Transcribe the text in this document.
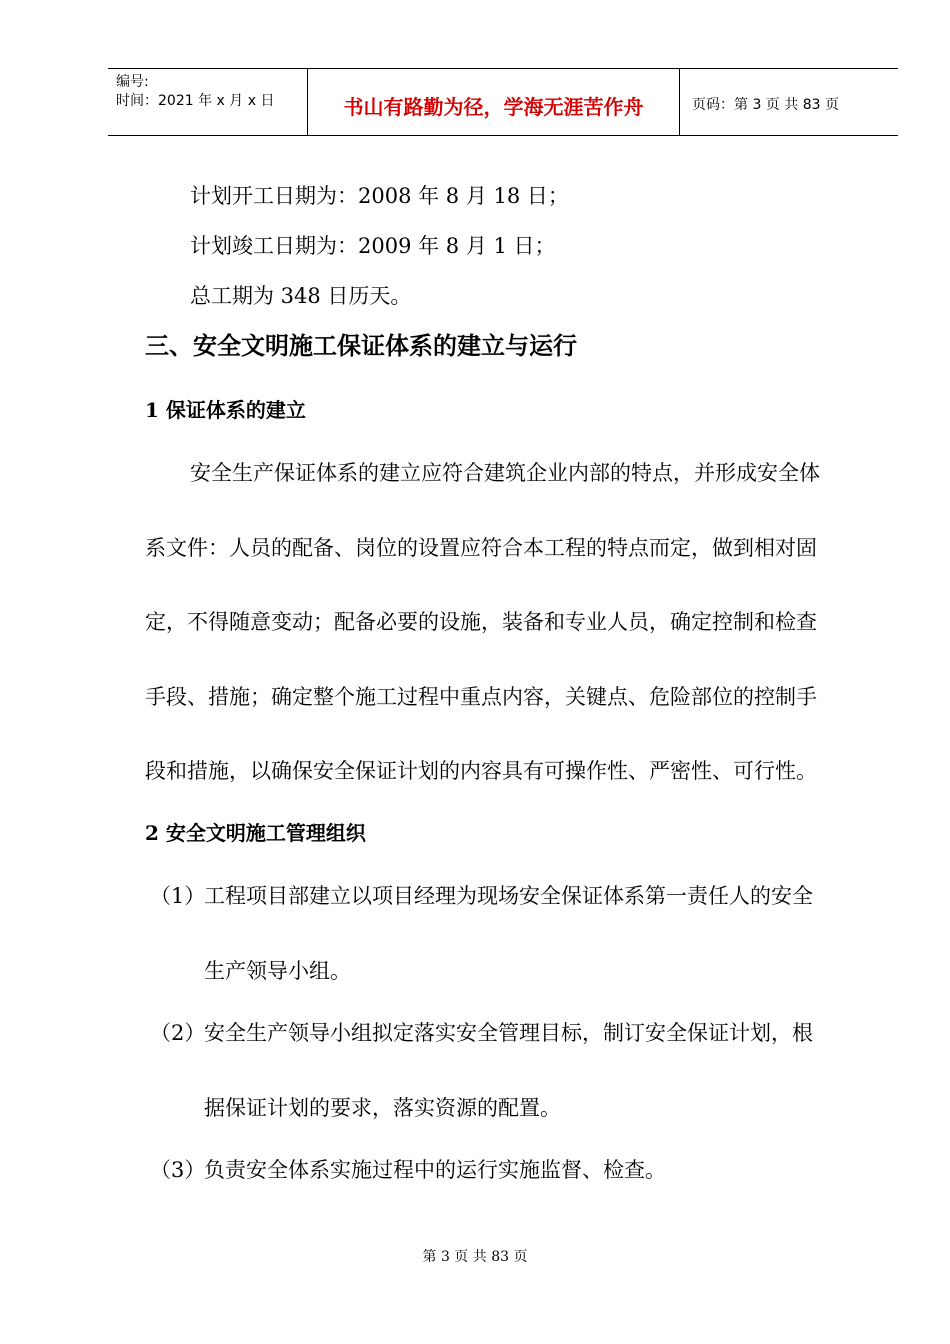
编号:
时间：2021 年 x 月 x 日	书山有路勤为径，学海无涯苦作舟	页码：第 3 页 共 83 页
计划开工日期为：2008 年 8 月 18 日；
计划竣工日期为：2009 年 8 月 1 日；
总工期为 348 日历天。
三、安全文明施工保证体系的建立与运行
1 保证体系的建立
安全生产保证体系的建立应符合建筑企业内部的特点，并形成安全体
系文件：人员的配备、岗位的设置应符合本工程的特点而定，做到相对固
定，不得随意变动；配备必要的设施，装备和专业人员，确定控制和检查
手段、措施；确定整个施工过程中重点内容，关键点、危险部位的控制手
段和措施，以确保安全保证计划的内容具有可操作性、严密性、可行性。
2 安全文明施工管理组织
（1）
工程项目部建立以项目经理为现场安全保证体系第一责任人的安全
生产领导小组。
（2）
安全生产领导小组拟定落实安全管理目标，制订安全保证计划，根
据保证计划的要求，落实资源的配置。
（3）
负责安全体系实施过程中的运行实施监督、检查。
第 3 页 共 83 页
